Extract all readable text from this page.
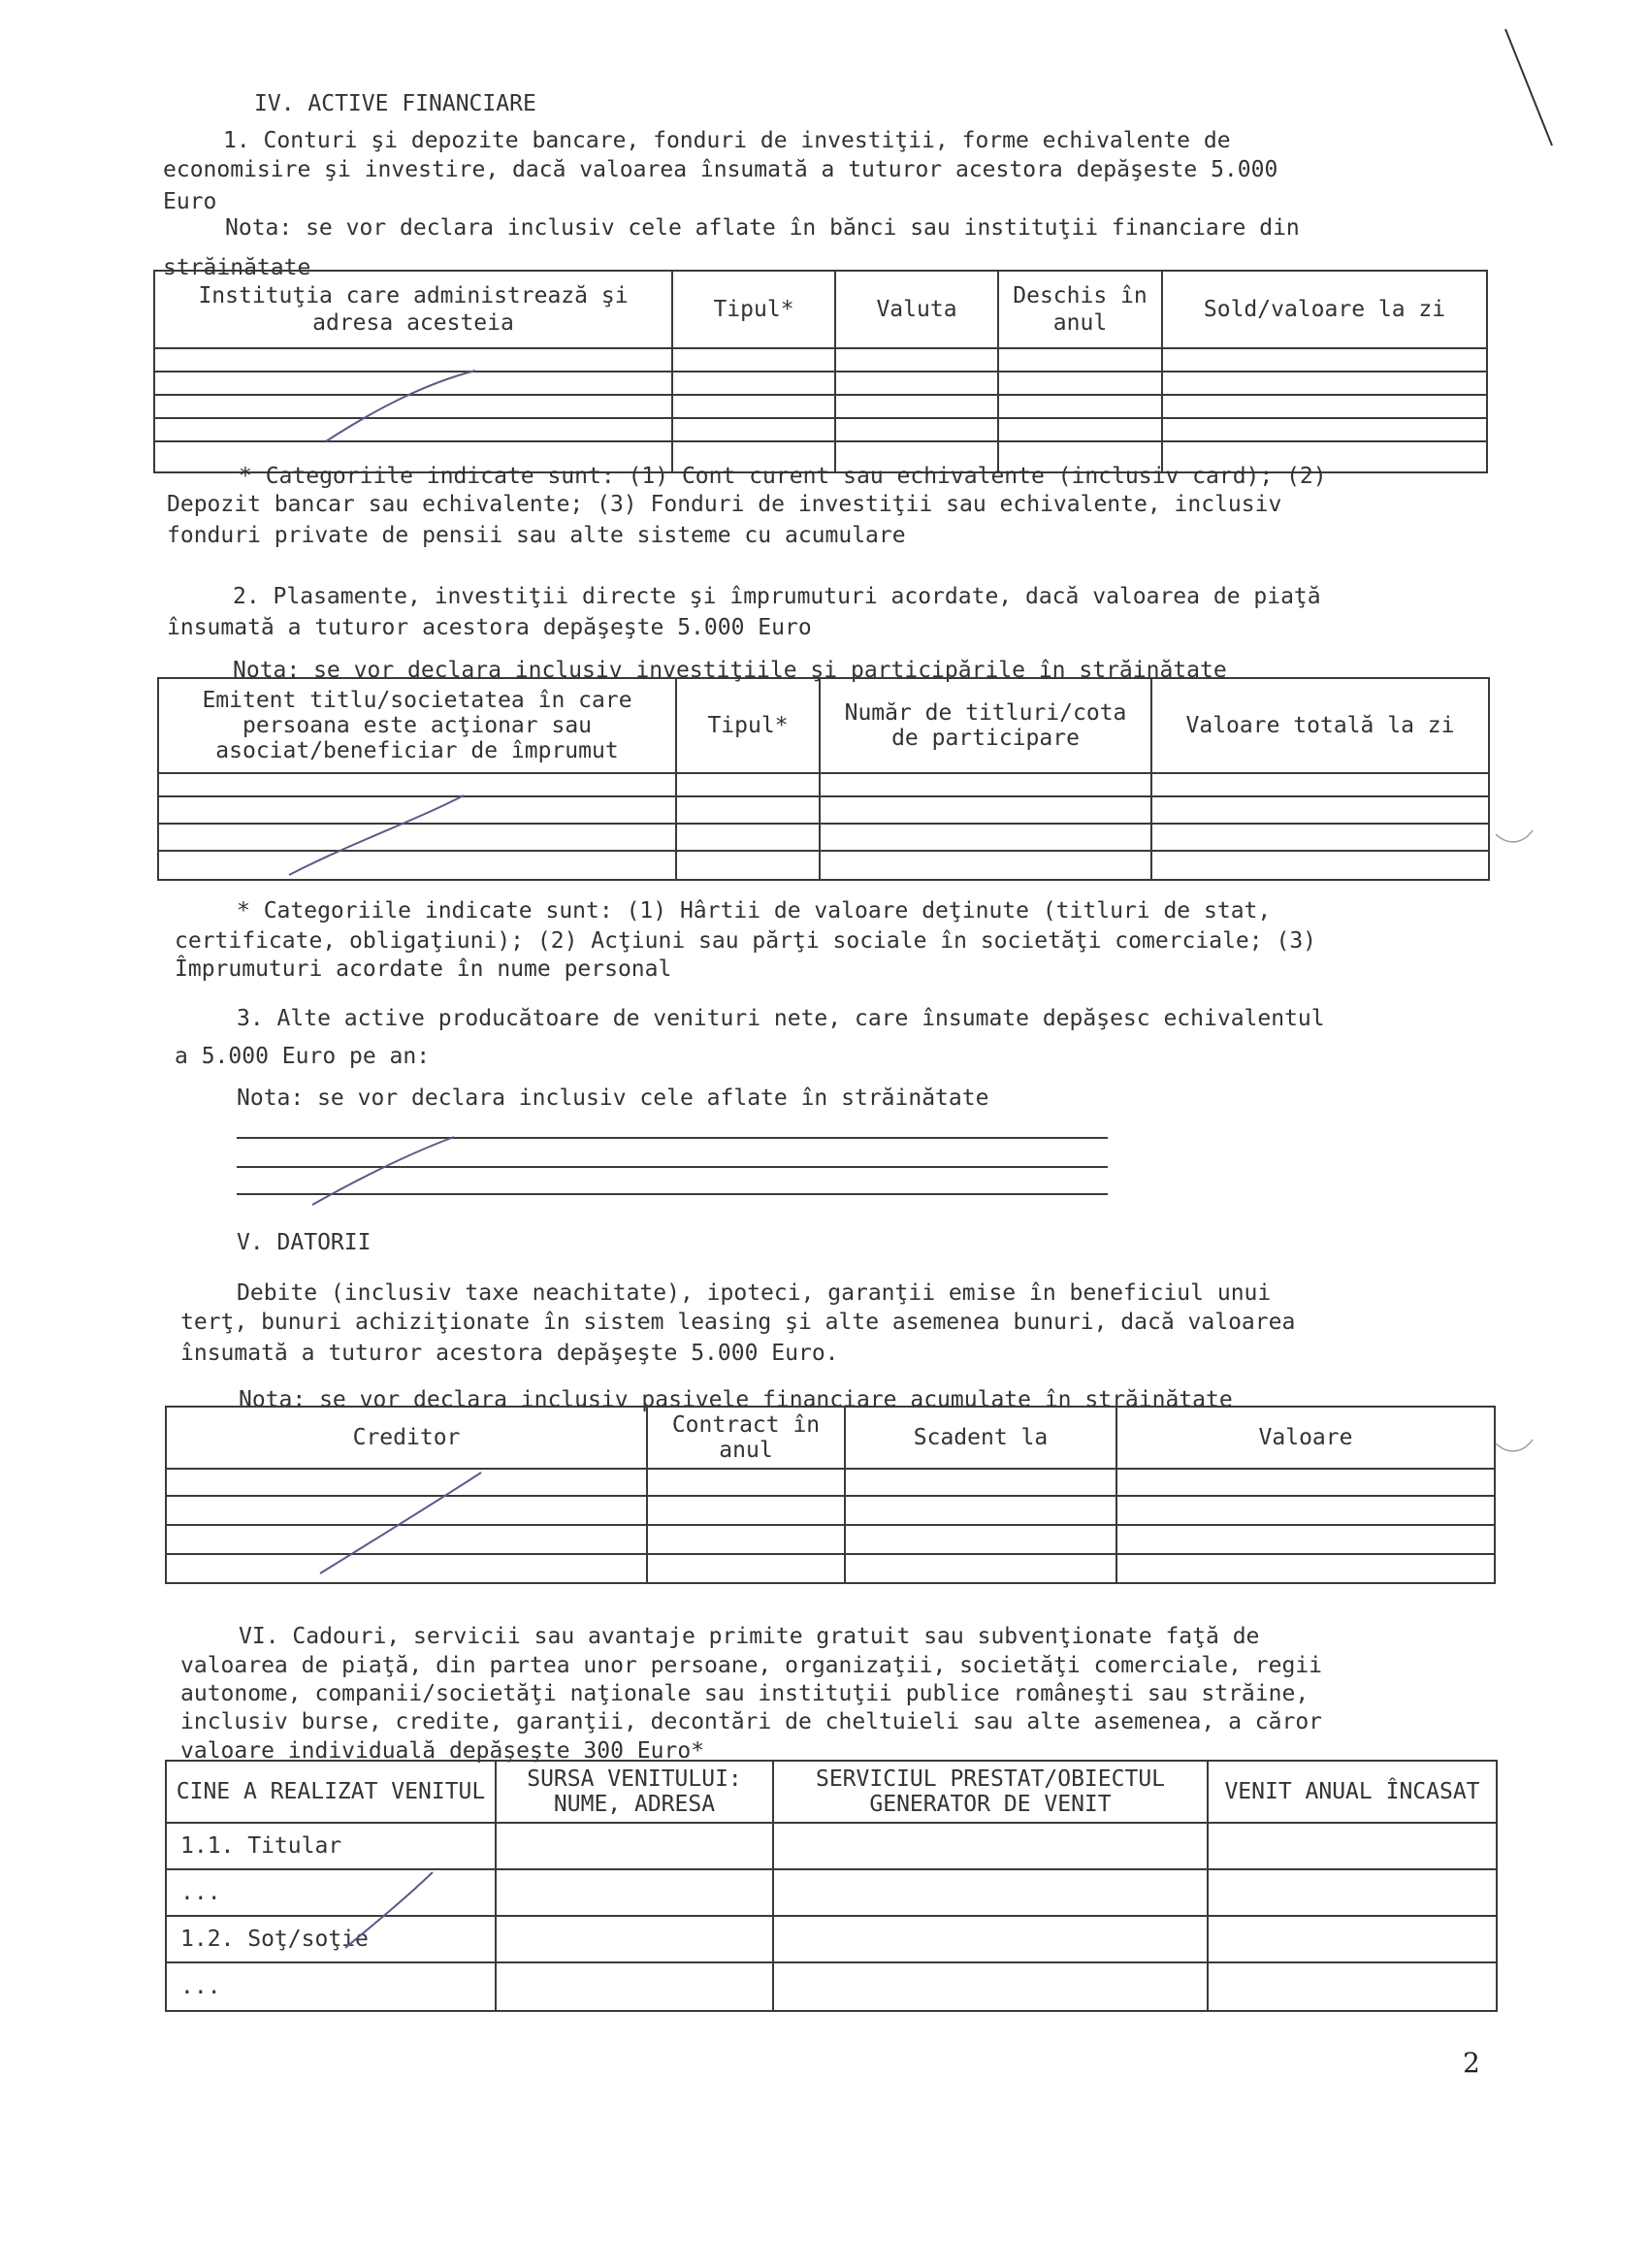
IV. ACTIVE FINANCIARE
1. Conturi şi depozite bancare, fonduri de investiţii, forme echivalente de
economisire şi investire, dacă valoarea însumată a tuturor acestora depăşeste 5.000
Euro
Nota: se vor declara inclusiv cele aflate în bănci sau instituţii financiare din
străinătate
Instituţia care administrează şi adresa acesteia	Tipul*	Valuta	Deschis în anul	Sold/valoare la zi

* Categoriile indicate sunt: (1) Cont curent sau echivalente (inclusiv card); (2)
Depozit bancar sau echivalente; (3) Fonduri de investiţii sau echivalente, inclusiv
fonduri private de pensii sau alte sisteme cu acumulare
2. Plasamente, investiţii directe şi împrumuturi acordate, dacă valoarea de piaţă
însumată a tuturor acestora depăşeşte 5.000 Euro
Nota: se vor declara inclusiv investiţiile şi participările în străinătate
Emitent titlu/societatea în care persoana este acţionar sau asociat/beneficiar de împrumut	Tipul*	Număr de titluri/cota de participare	Valoare totală la zi

* Categoriile indicate sunt: (1) Hârtii de valoare deţinute (titluri de stat,
certificate, obligaţiuni); (2) Acţiuni sau părţi sociale în societăţi comerciale; (3)
Împrumuturi acordate în nume personal
3. Alte active producătoare de venituri nete, care însumate depăşesc echivalentul
a 5.000 Euro pe an:
Nota: se vor declara inclusiv cele aflate în străinătate
V. DATORII
Debite (inclusiv taxe neachitate), ipoteci, garanţii emise în beneficiul unui
terţ, bunuri achiziţionate în sistem leasing şi alte asemenea bunuri, dacă valoarea
însumată a tuturor acestora depăşeşte 5.000 Euro.
Nota: se vor declara inclusiv pasivele financiare acumulate în străinătate
Creditor	Contract în anul	Scadent la	Valoare

VI. Cadouri, servicii sau avantaje primite gratuit sau subvenţionate faţă de
valoarea de piaţă, din partea unor persoane, organizaţii, societăţi comerciale, regii
autonome, companii/societăţi naţionale sau instituţii publice româneşti sau străine,
inclusiv burse, credite, garanţii, decontări de cheltuieli sau alte asemenea, a căror
valoare individuală depăşeşte 300 Euro*
CINE A REALIZAT VENITUL	SURSA VENITULUI: NUME, ADRESA	SERVICIUL PRESTAT/OBIECTUL GENERATOR DE VENIT	VENIT ANUAL ÎNCASAT
1.1. Titular			
...			
1.2. Soţ/soţie			
...			
2
